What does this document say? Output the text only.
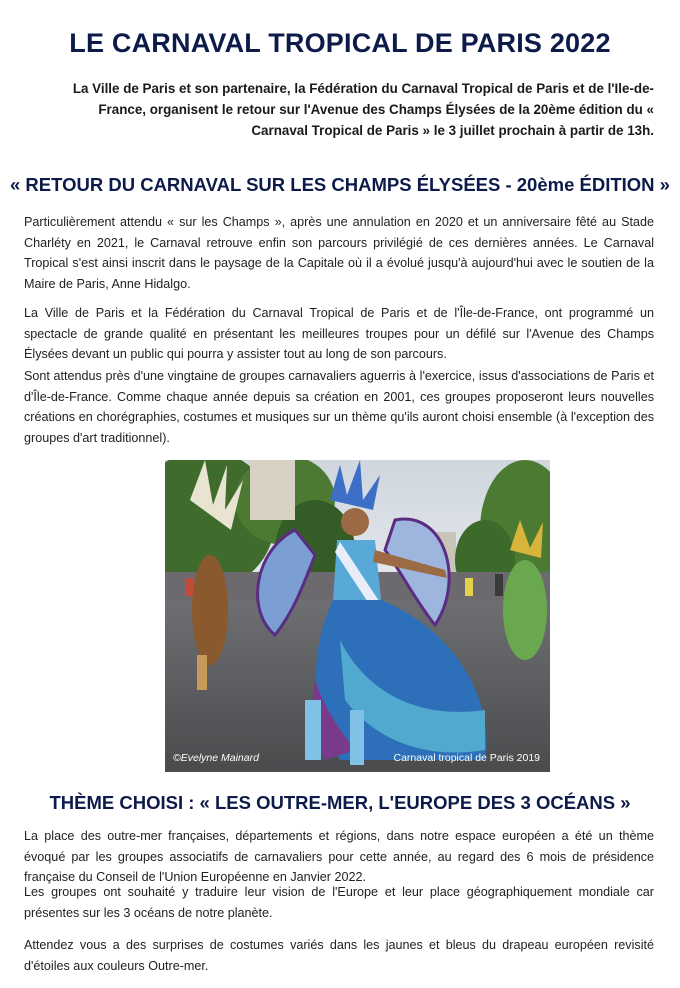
LE CARNAVAL TROPICAL DE PARIS 2022
La Ville de Paris et son partenaire, la Fédération du Carnaval Tropical de Paris et de l'Ile-de-France, organisent le retour sur l'Avenue des Champs Élysées de la 20ème édition du « Carnaval Tropical de Paris » le 3 juillet prochain à partir de 13h.
« RETOUR DU CARNAVAL SUR LES CHAMPS ÉLYSÉES - 20ème ÉDITION »

Particulièrement attendu « sur les Champs », après une annulation en 2020 et un anniversaire fêté au Stade Charléty en 2021, le Carnaval retrouve enfin son parcours privilégié de ces dernières années. Le Carnaval Tropical s'est ainsi inscrit dans le paysage de la Capitale où il a évolué jusqu'à aujourd'hui avec le soutien de la Maire de Paris, Anne Hidalgo.

La Ville de Paris et la Fédération du Carnaval Tropical de Paris et de l'Île-de-France, ont programmé un spectacle de grande qualité en présentant les meilleures troupes pour un défilé sur l'Avenue des Champs Élysées devant un public qui pourra y assister tout au long de son parcours.

Sont attendus près d'une vingtaine de groupes carnavaliers aguerris à l'exercice, issus d'associations de Paris et d'Île-de-France. Comme chaque année depuis sa création en 2001, ces groupes proposeront leurs nouvelles créations en chorégraphies, costumes et musiques sur un thème qu'ils auront choisi ensemble (à l'exception des groupes d'art traditionnel).

©Evelyne Mainard	Carnaval tropical de Paris 2019
THÈME CHOISI : « LES OUTRE-MER, L'EUROPE DES 3 OCÉANS »

La place des outre-mer françaises, départements et régions, dans notre espace européen a été un thème évoqué par les groupes associatifs de carnavaliers pour cette année, au regard des 6 mois de présidence française du Conseil de l'Union Européenne en Janvier 2022.

Les groupes ont souhaité y traduire leur vision de l'Europe et leur place géographiquement mondiale car présentes sur les 3 océans de notre planète.

Attendez vous a des surprises de costumes variés dans les jaunes et bleus du drapeau européen revisité d'étoiles aux couleurs Outre-mer.
